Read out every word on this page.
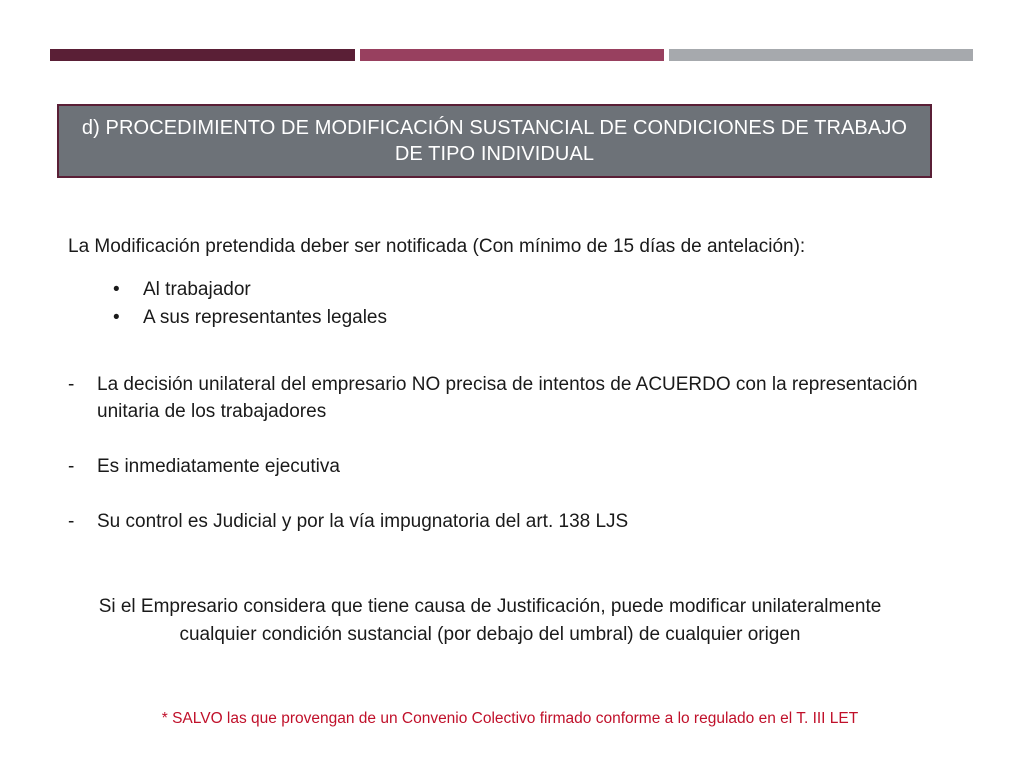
d) PROCEDIMIENTO DE MODIFICACIÓN SUSTANCIAL DE CONDICIONES DE TRABAJO DE TIPO INDIVIDUAL
La Modificación pretendida deber ser notificada (Con mínimo de 15 días de antelación):
• Al trabajador
• A sus representantes legales
- La decisión unilateral del empresario NO precisa de intentos de ACUERDO con la representación unitaria de los trabajadores
- Es inmediatamente ejecutiva
- Su control es Judicial y por la vía impugnatoria del art. 138 LJS
Si el Empresario considera que tiene causa de Justificación, puede modificar unilateralmente cualquier condición sustancial (por debajo del umbral) de cualquier origen
* SALVO las que provengan de un Convenio Colectivo firmado conforme a lo regulado en el T. III LET
